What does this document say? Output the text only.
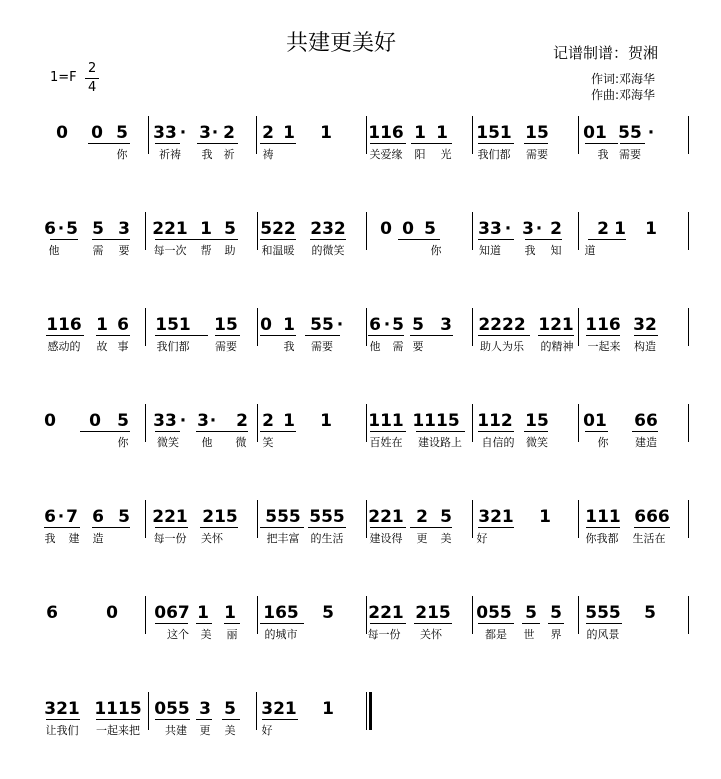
共建更美好	记谱制谱：贺湘
作词:邓海华
作曲:邓海华
1=F
2
4
0 0 5 33 · 3 · 2 2 1 1 116 1 1 151 15 01 55 ·
你	祈祷 我 祈	祷	关爱缘 阳 光 我们都 需要	我 需要
6 · 5 5 3 221 1 5 522 232 0 0 5 33 · 3 · 2 2 1 1
他	需 要 每一次 帮 助 和温暖 的微笑	你	知道 我 知 道
116 1 6 151 15 0 1 55 · 6 · 5 5 3 2222 121 116 32
感动的 故 事	我们都 需要	我 需要	他 需 要	助人为乐 的精神 一起来 构造
0 0 5 33 · 3 · 2 2 1 1 111 1115 112 15 01 66
你	微笑 他 微 笑	百姓在 建设路上 自信的 微笑	你 建造
6 · 7 6 5 221 215 555 555 221 2 5 321 1 111 666
我 建 造	每一份 关怀	把丰富 的生活 建设得 更 美 好	你我都 生活在
6	0 067 1 1 165 5 221 215 055 5 5 555 5
这个 美 丽 的城市	每一份 关怀	都是 世 界 的风景
321 1115 055 3 5 321 1
让我们 一起来把 共建 更 美 好
